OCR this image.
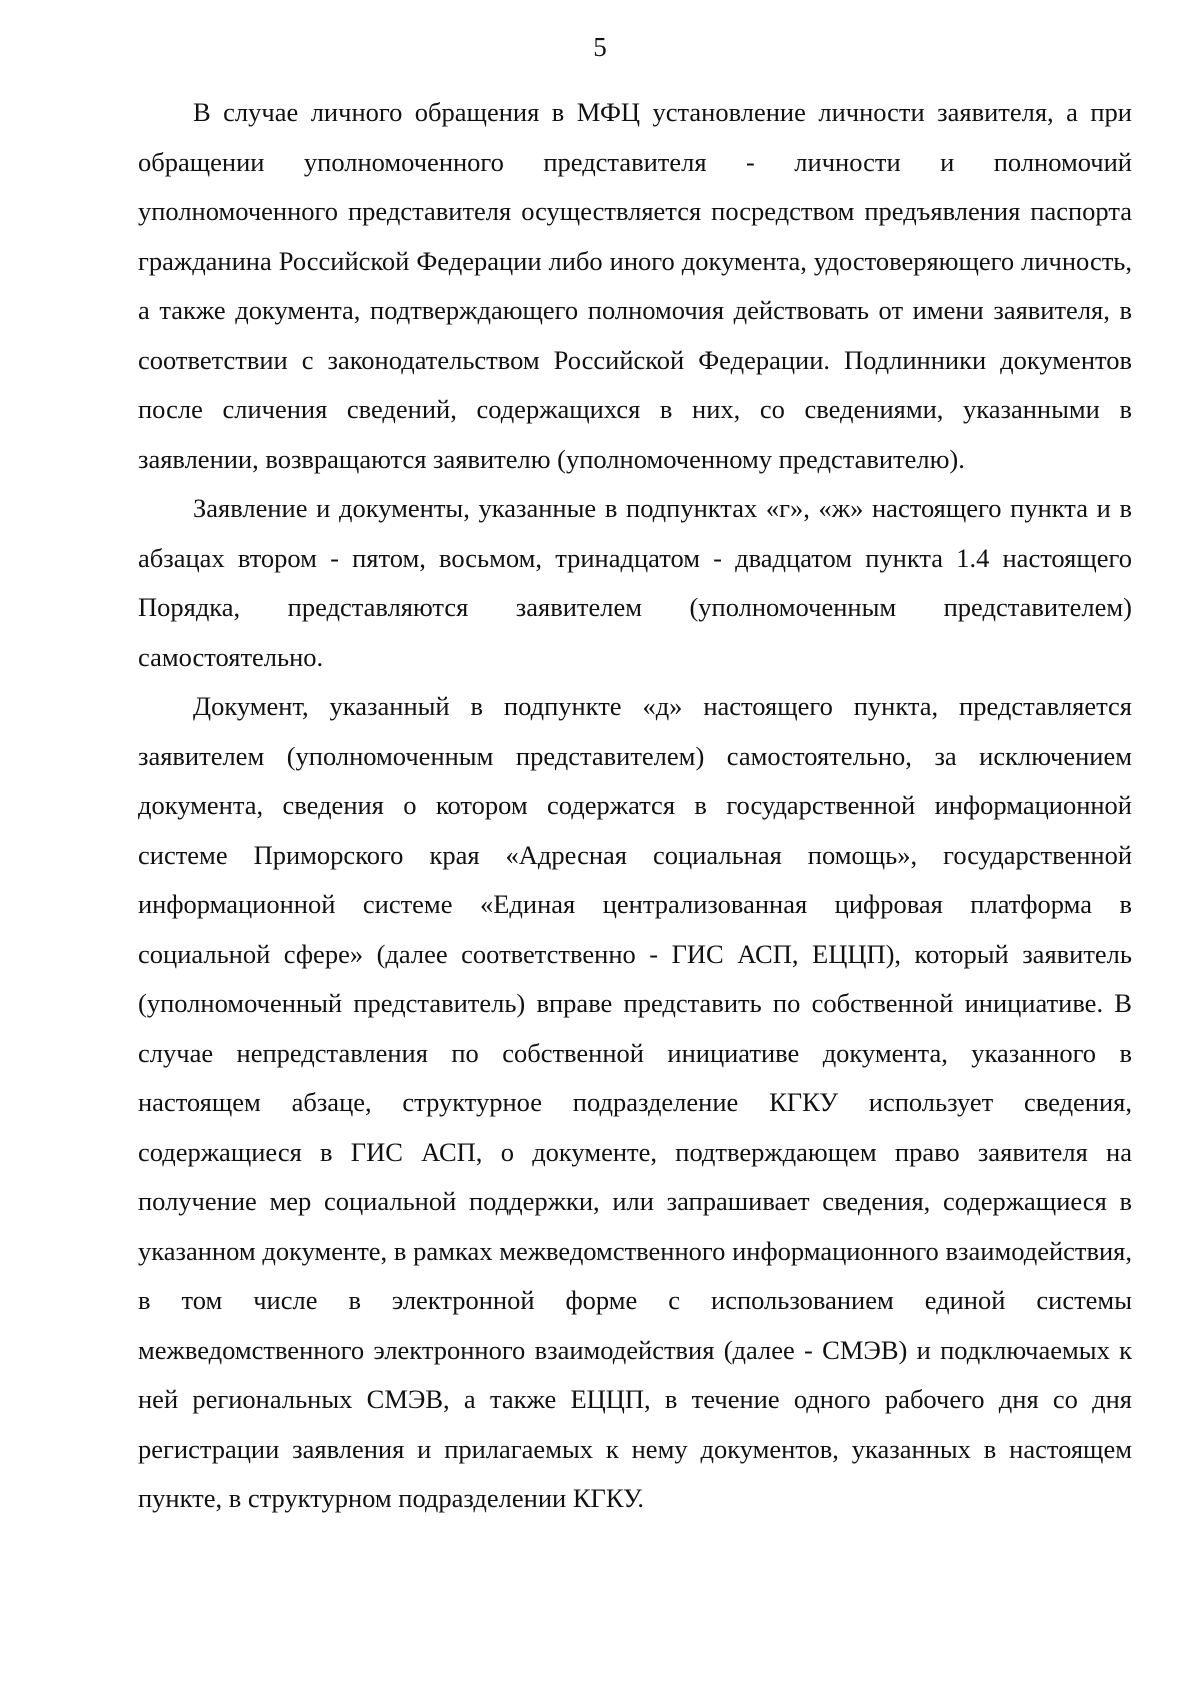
5

В случае личного обращения в МФЦ установление личности заявителя, а при обращении уполномоченного представителя - личности и полномочий уполномоченного представителя осуществляется посредством предъявления паспорта гражданина Российской Федерации либо иного документа, удостоверяющего личность, а также документа, подтверждающего полномочия действовать от имени заявителя, в соответствии с законодательством Российской Федерации. Подлинники документов после сличения сведений, содержащихся в них, со сведениями, указанными в заявлении, возвращаются заявителю (уполномоченному представителю).

Заявление и документы, указанные в подпунктах «г», «ж» настоящего пункта и в абзацах втором - пятом, восьмом, тринадцатом - двадцатом пункта 1.4 настоящего Порядка, представляются заявителем (уполномоченным представителем) самостоятельно.

Документ, указанный в подпункте «д» настоящего пункта, представляется заявителем (уполномоченным представителем) самостоятельно, за исключением документа, сведения о котором содержатся в государственной информационной системе Приморского края «Адресная социальная помощь», государственной информационной системе «Единая централизованная цифровая платформа в социальной сфере» (далее соответственно - ГИС АСП, ЕЦЦП), который заявитель (уполномоченный представитель) вправе представить по собственной инициативе. В случае непредставления по собственной инициативе документа, указанного в настоящем абзаце, структурное подразделение КГКУ использует сведения, содержащиеся в ГИС АСП, о документе, подтверждающем право заявителя на получение мер социальной поддержки, или запрашивает сведения, содержащиеся в указанном документе, в рамках межведомственного информационного взаимодействия, в том числе в электронной форме с использованием единой системы межведомственного электронного взаимодействия (далее - СМЭВ) и подключаемых к ней региональных СМЭВ, а также ЕЦЦП, в течение одного рабочего дня со дня регистрации заявления и прилагаемых к нему документов, указанных в настоящем пункте, в структурном подразделении КГКУ.
